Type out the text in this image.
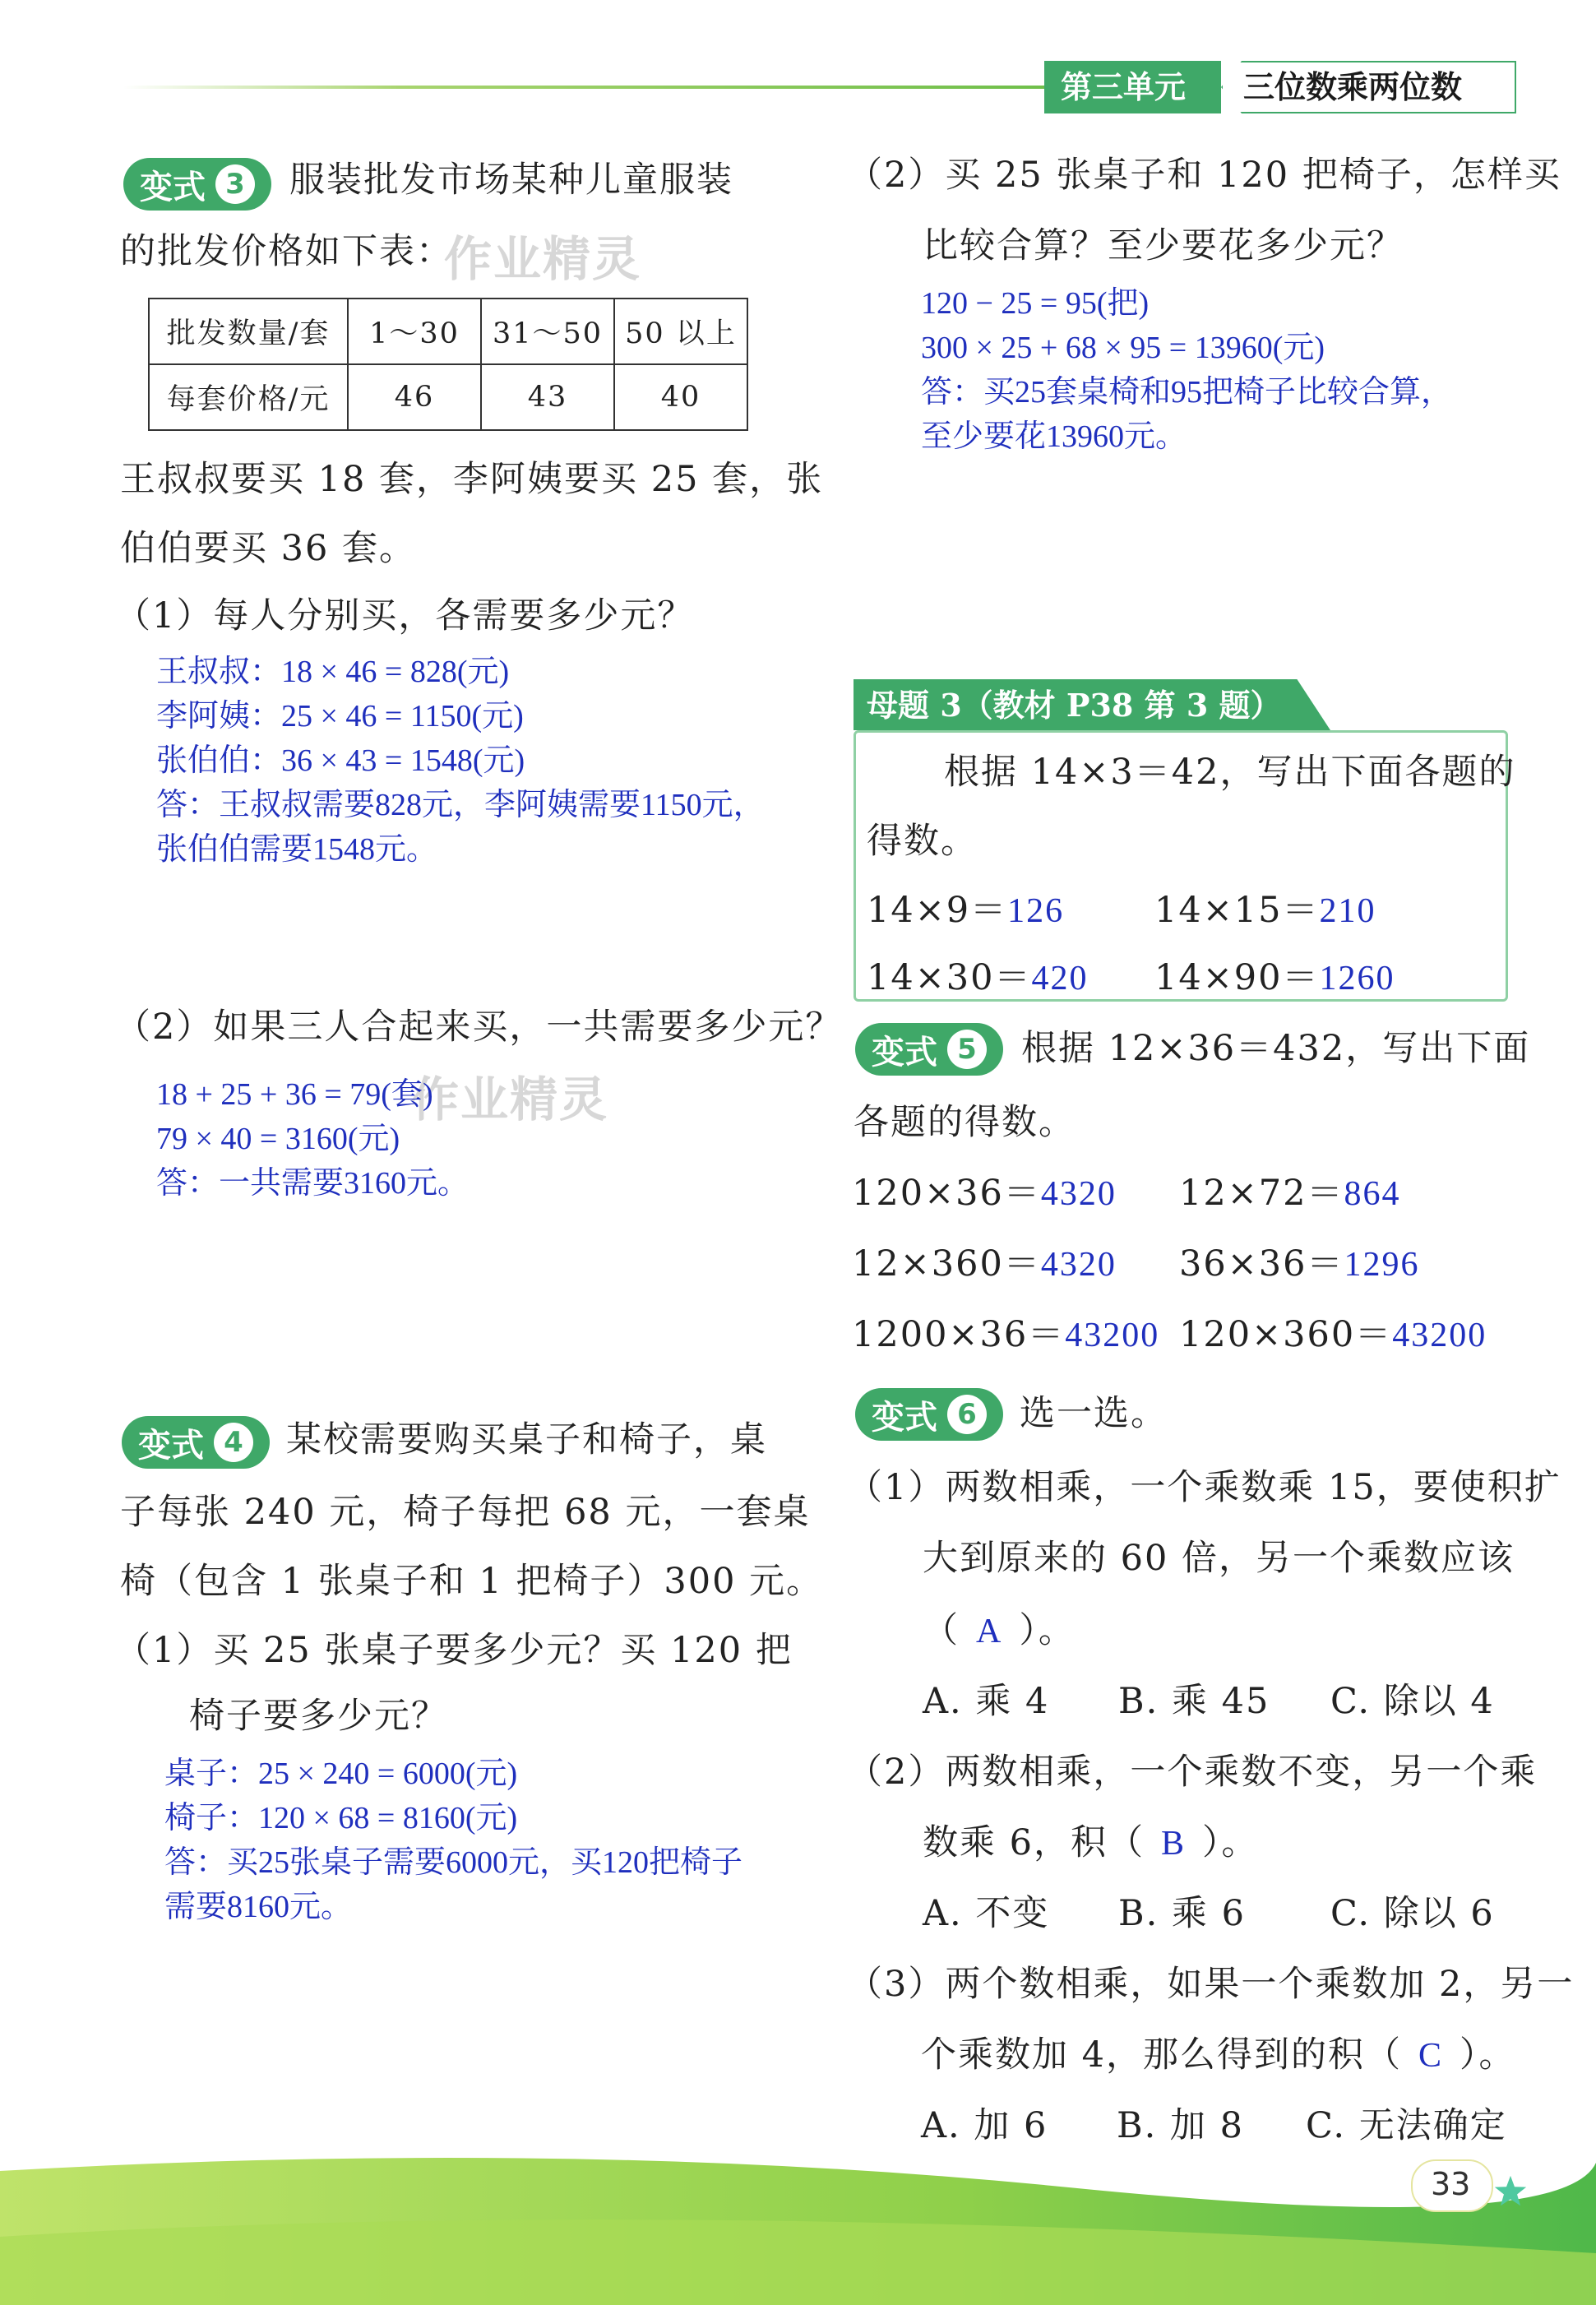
第三单元 三位数乘两位数
变式 3 服装批发市场某种儿童服装
的批发价格如下表：
作业精灵
批发数量/套	1～30	31～50	50 以上
每套价格/元	46	43	40
王叔叔要买 18 套，李阿姨要买 25 套，张
伯伯要买 36 套。
（1）每人分别买，各需要多少元？
王叔叔：18 × 46 = 828(元)
李阿姨：25 × 46 = 1150(元)
张伯伯：36 × 43 = 1548(元)
答：王叔叔需要828元，李阿姨需要1150元，
张伯伯需要1548元。
（2）如果三人合起来买，一共需要多少元？
作业精灵
18 + 25 + 36 = 79(套)
79 × 40 = 3160(元)
答：一共需要3160元。
变式 4 某校需要购买桌子和椅子，桌
子每张 240 元，椅子每把 68 元，一套桌
椅（包含 1 张桌子和 1 把椅子）300 元。
（1）买 25 张桌子要多少元？买 120 把
椅子要多少元？
桌子：25 × 240 = 6000(元)
椅子：120 × 68 = 8160(元)
答：买25张桌子需要6000元，买120把椅子
需要8160元。
（2）买 25 张桌子和 120 把椅子，怎样买
比较合算？至少要花多少元？
120 − 25 = 95(把)
300 × 25 + 68 × 95 = 13960(元)
答：买25套桌椅和95把椅子比较合算，
至少要花13960元。
母题 3（教材 P38 第 3 题）
根据 14×3＝42，写出下面各题的
得数。
14×9＝126	14×15＝210
14×30＝420 14×90＝1260
变式 5 根据 12×36＝432，写出下面
各题的得数。
120×36＝4320 12×72＝864
12×360＝4320 36×36＝1296
1200×36＝43200 120×360＝43200
变式 6 选一选。
（1）两数相乘，一个乘数乘 15，要使积扩
大到原来的 60 倍，另一个乘数应该
（ A ）。
A. 乘 4 B. 乘 45 C. 除以 4
（2）两数相乘，一个乘数不变，另一个乘
数乘 6，积（ B ）。
A. 不变 B. 乘 6 C. 除以 6
（3）两个数相乘，如果一个乘数加 2，另一
个乘数加 4，那么得到的积（ C ）。
A. 加 6 B. 加 8 C. 无法确定
33
